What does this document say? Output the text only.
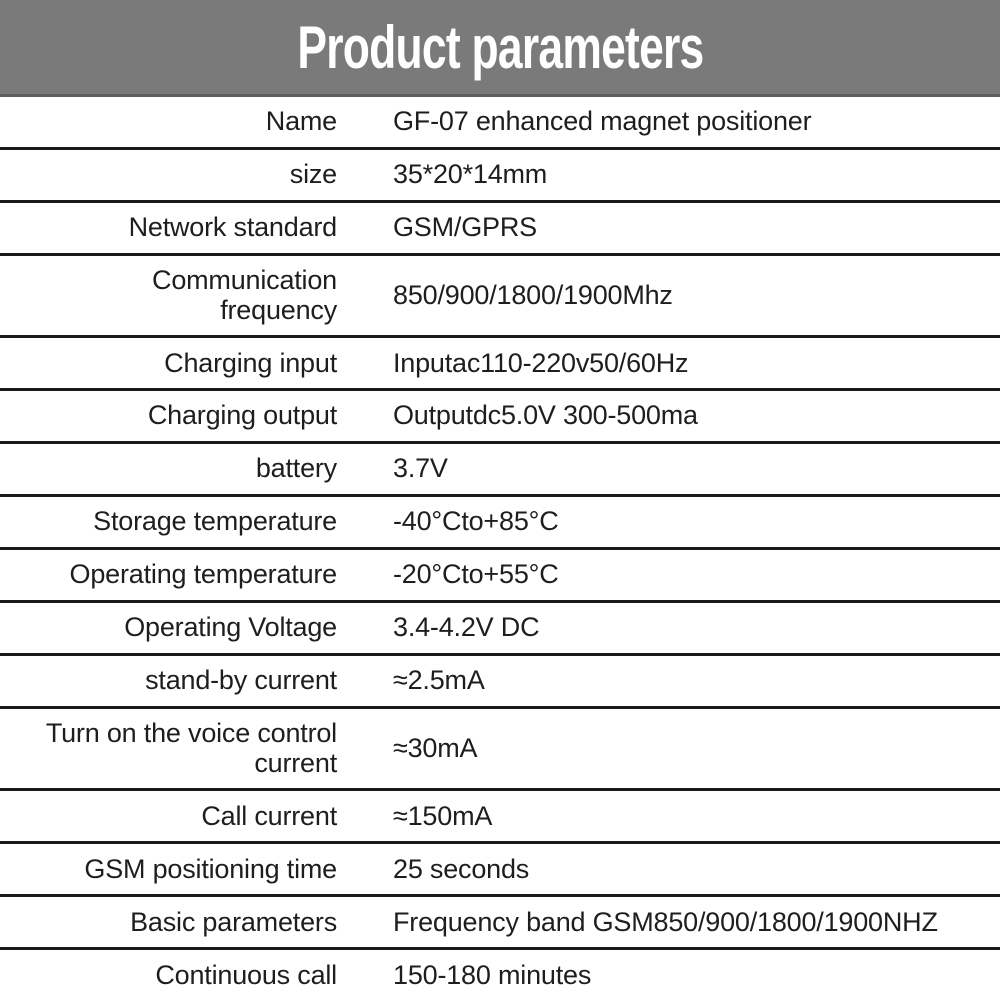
Product parameters
Name	GF-07 enhanced magnet positioner
size	35*20*14mm
Network standard	GSM/GPRS
Communication frequency	850/900/1800/1900Mhz
Charging input	Inputac110-220v50/60Hz
Charging output	Outputdc5.0V 300-500ma
battery	3.7V
Storage temperature	-40°Cto+85°C
Operating temperature	-20°Cto+55°C
Operating Voltage	3.4-4.2V DC
stand-by current	≈2.5mA
Turn on the voice control current	≈30mA
Call current	≈150mA
GSM positioning time	25 seconds
Basic parameters	Frequency band GSM850/900/1800/1900NHZ
Continuous call	150-180 minutes
